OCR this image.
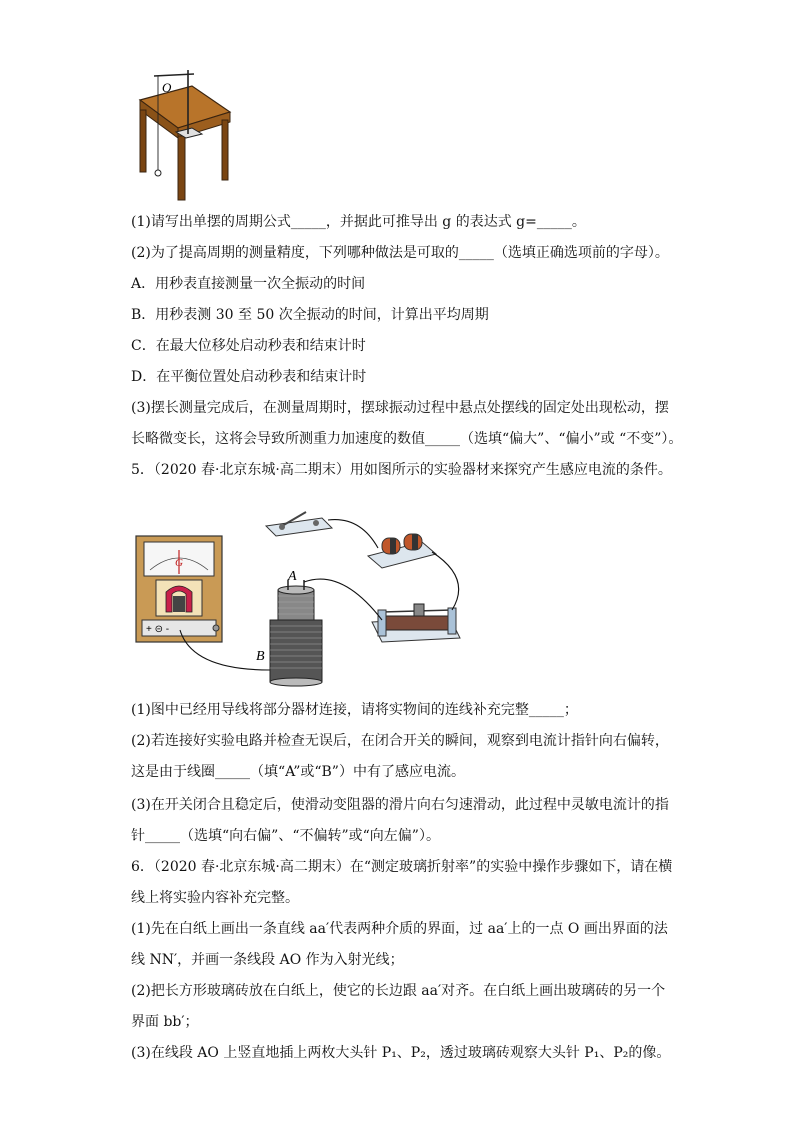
O
(1)请写出单摆的周期公式_____，并据此可推导出 g 的表达式 g=_____。
(2)为了提高周期的测量精度，下列哪种做法是可取的_____（选填正确选项前的字母）。
A．用秒表直接测量一次全振动的时间
B．用秒表测 30 至 50 次全振动的时间，计算出平均周期
C．在最大位移处启动秒表和结束计时
D．在平衡位置处启动秒表和结束计时
(3)摆长测量完成后，在测量周期时，摆球振动过程中悬点处摆线的固定处出现松动，摆
长略微变长，这将会导致所测重力加速度的数值_____（选填“偏大”、“偏小”或 “不变”）。
5．（2020 春·北京东城·高二期末）用如图所示的实验器材来探究产生感应电流的条件。
+ ⊝ -
G
A
B
(1)图中已经用导线将部分器材连接，请将实物间的连线补充完整_____；
(2)若连接好实验电路并检查无误后，在闭合开关的瞬间，观察到电流计指针向右偏转，
这是由于线圈_____（填“A”或“B”）中有了感应电流。
(3)在开关闭合且稳定后，使滑动变阻器的滑片向右匀速滑动，此过程中灵敏电流计的指
针_____（选填“向右偏”、“不偏转”或“向左偏”）。
6．（2020 春·北京东城·高二期末）在“测定玻璃折射率”的实验中操作步骤如下，请在横
线上将实验内容补充完整。
(1)先在白纸上画出一条直线 aa′代表两种介质的界面，过 aa′上的一点 O 画出界面的法
线 NN′，并画一条线段 AO 作为入射光线；
(2)把长方形玻璃砖放在白纸上，使它的长边跟 aa′对齐。在白纸上画出玻璃砖的另一个
界面 bb′；
(3)在线段 AO 上竖直地插上两枚大头针 P₁、P₂，透过玻璃砖观察大头针 P₁、P₂的像。
